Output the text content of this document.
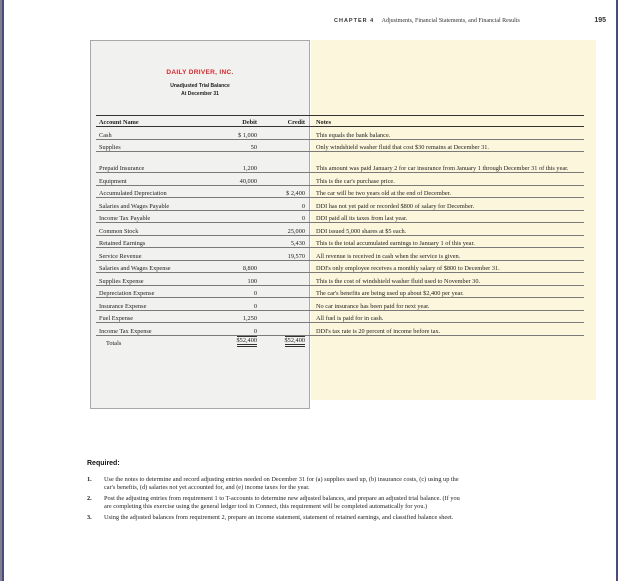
CHAPTER 4 Adjustments, Financial Statements, and Financial Results	195
DAILY DRIVER, INC.
Unadjusted Trial Balance
At December 31
Account Name	Debit	Credit	Notes
Cash	$ 1,000		This equals the bank balance.
Supplies	50		Only windshield washer fluid that cost $30 remains at December 31.
Prepaid Insurance	1,200		This amount was paid January 2 for car insurance from January 1 through December 31 of this year.
Equipment	40,000		This is the car's purchase price.
Accumulated Depreciation		$ 2,400	The car will be two years old at the end of December.
Salaries and Wages Payable		0	DDI has not yet paid or recorded $800 of salary for December.
Income Tax Payable		0	DDI paid all its taxes from last year.
Common Stock		25,000	DDI issued 5,000 shares at $5 each.
Retained Earnings		5,430	This is the total accumulated earnings to January 1 of this year.
Service Revenue		19,570	All revenue is received in cash when the service is given.
Salaries and Wages Expense	8,800		DDI's only employee receives a monthly salary of $800 to December 31.
Supplies Expense	100		This is the cost of windshield washer fluid used to November 30.
Depreciation Expense	0		The car's benefits are being used up about $2,400 per year.
Insurance Expense	0		No car insurance has been paid for next year.
Fuel Expense	1,250		All fuel is paid for in cash.
Income Tax Expense	0		DDI's tax rate is 20 percent of income before tax.
Totals	$52,400	$52,400	
Required:
1. Use the notes to determine and record adjusting entries needed on December 31 for (a) supplies used up, (b) insurance costs, (c) using up the car's benefits, (d) salaries not yet accounted for, and (e) income taxes for the year.
2. Post the adjusting entries from requirement 1 to T-accounts to determine new adjusted balances, and prepare an adjusted trial balance. (If you are completing this exercise using the general ledger tool in Connect, this requirement will be completed automatically for you.)
3. Using the adjusted balances from requirement 2, prepare an income statement, statement of retained earnings, and classified balance sheet.
